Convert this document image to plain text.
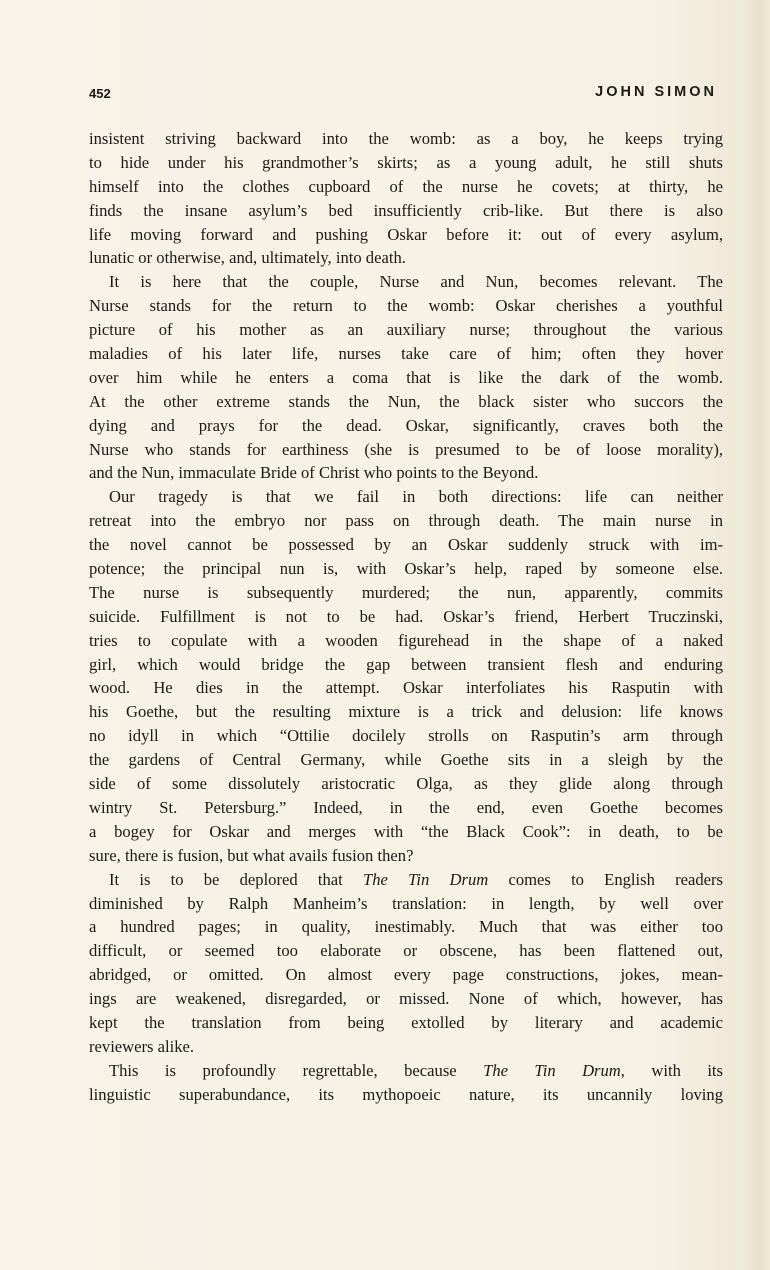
452	JOHN SIMON
insistent striving backward into the womb: as a boy, he keeps trying
to hide under his grandmother’s skirts; as a young adult, he still shuts
himself into the clothes cupboard of the nurse he covets; at thirty, he
finds the insane asylum’s bed insufficiently crib-like. But there is also
life moving forward and pushing Oskar before it: out of every asylum,
lunatic or otherwise, and, ultimately, into death.
It is here that the couple, Nurse and Nun, becomes relevant. The
Nurse stands for the return to the womb: Oskar cherishes a youthful
picture of his mother as an auxiliary nurse; throughout the various
maladies of his later life, nurses take care of him; often they hover
over him while he enters a coma that is like the dark of the womb.
At the other extreme stands the Nun, the black sister who succors the
dying and prays for the dead. Oskar, significantly, craves both the
Nurse who stands for earthiness (she is presumed to be of loose morality),
and the Nun, immaculate Bride of Christ who points to the Beyond.
Our tragedy is that we fail in both directions: life can neither
retreat into the embryo nor pass on through death. The main nurse in
the novel cannot be possessed by an Oskar suddenly struck with im-
potence; the principal nun is, with Oskar’s help, raped by someone else.
The nurse is subsequently murdered; the nun, apparently, commits
suicide. Fulfillment is not to be had. Oskar’s friend, Herbert Truczinski,
tries to copulate with a wooden figurehead in the shape of a naked
girl, which would bridge the gap between transient flesh and enduring
wood. He dies in the attempt. Oskar interfoliates his Rasputin with
his Goethe, but the resulting mixture is a trick and delusion: life knows
no idyll in which “Ottilie docilely strolls on Rasputin’s arm through
the gardens of Central Germany, while Goethe sits in a sleigh by the
side of some dissolutely aristocratic Olga, as they glide along through
wintry St. Petersburg.” Indeed, in the end, even Goethe becomes
a bogey for Oskar and merges with “the Black Cook”: in death, to be
sure, there is fusion, but what avails fusion then?
It is to be deplored that The Tin Drum comes to English readers
diminished by Ralph Manheim’s translation: in length, by well over
a hundred pages; in quality, inestimably. Much that was either too
difficult, or seemed too elaborate or obscene, has been flattened out,
abridged, or omitted. On almost every page constructions, jokes, mean-
ings are weakened, disregarded, or missed. None of which, however, has
kept the translation from being extolled by literary and academic
reviewers alike.
This is profoundly regrettable, because The Tin Drum, with its
linguistic superabundance, its mythopoeic nature, its uncannily loving
